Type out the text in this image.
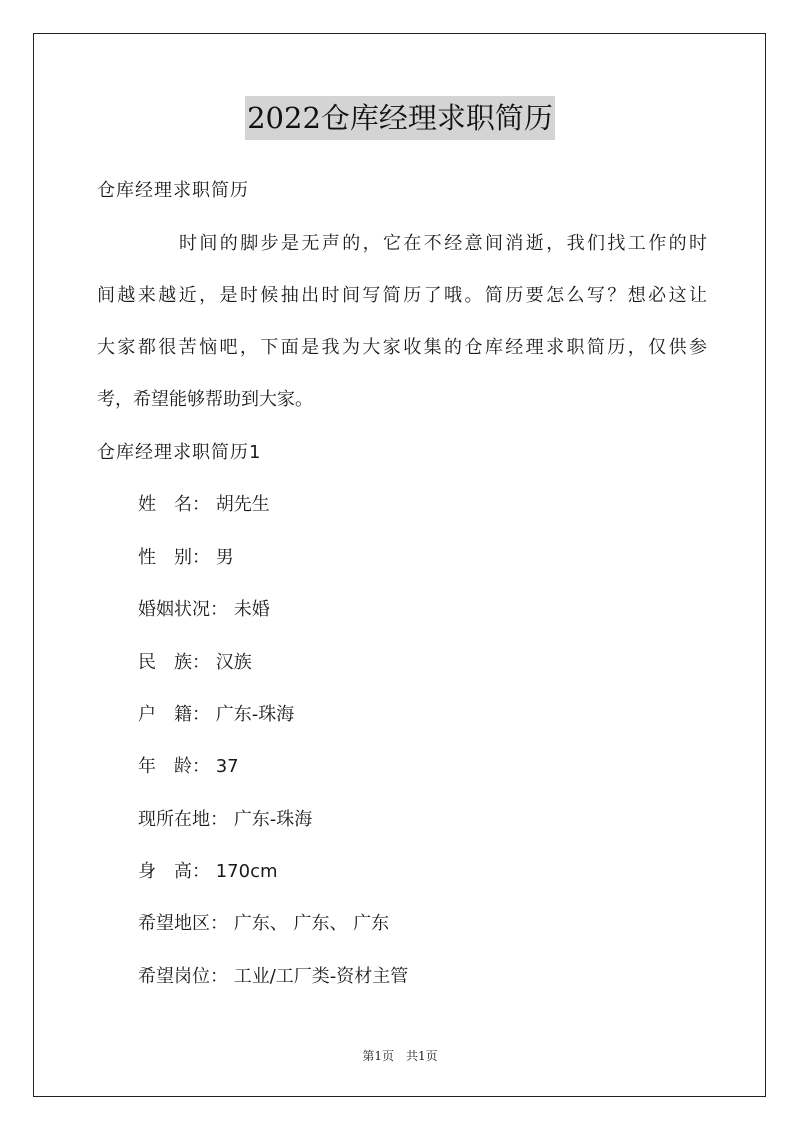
2022仓库经理求职简历
仓库经理求职简历
时间的脚步是无声的，它在不经意间消逝，我们找工作的时
间越来越近，是时候抽出时间写简历了哦。简历要怎么写？想必这让
大家都很苦恼吧，下面是我为大家收集的仓库经理求职简历，仅供参
考，希望能够帮助到大家。
仓库经理求职简历1
姓　名： 胡先生
性　别： 男
婚姻状况： 未婚
民　族： 汉族
户　籍： 广东-珠海
年　龄： 37
现所在地： 广东-珠海
身　高： 170cm
希望地区： 广东、 广东、 广东
希望岗位： 工业/工厂类-资材主管
第1页　共1页
